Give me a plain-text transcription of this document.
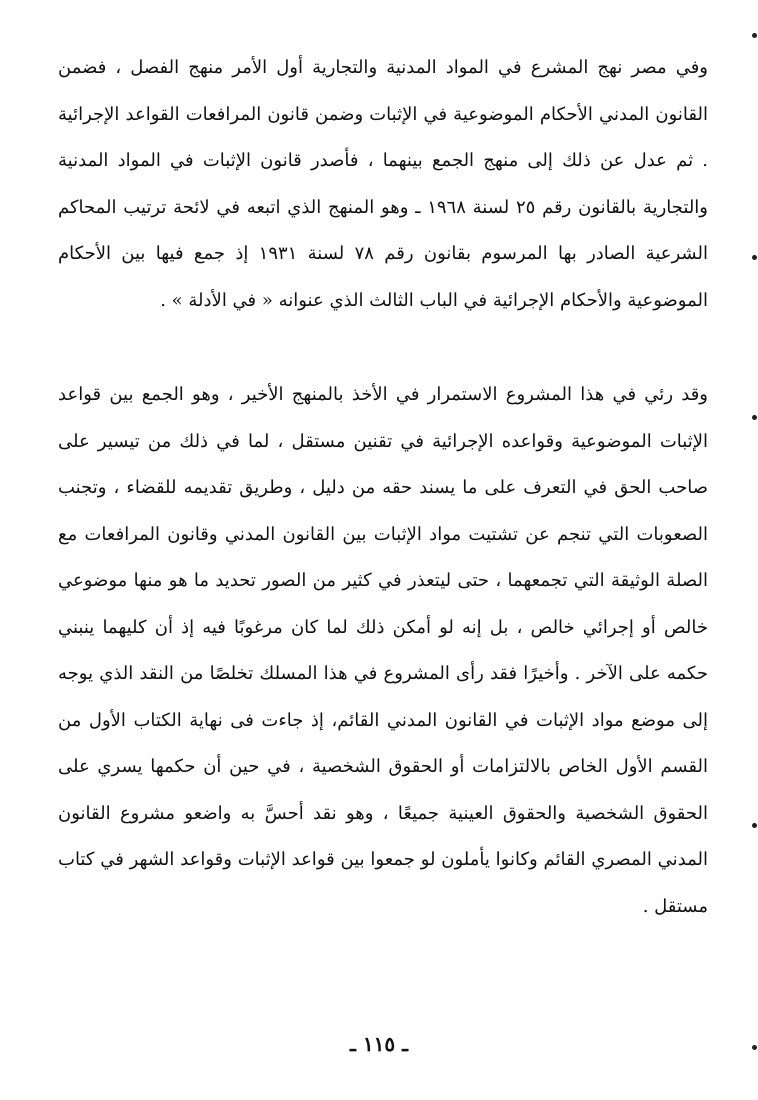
وفي مصر نهج المشرع في المواد المدنية والتجارية أول الأمر منهج الفصل ، فضمن القانون المدني الأحكام الموضوعية في الإثبات وضمن قانون المرافعات القواعد الإجرائية . ثم عدل عن ذلك إلى منهج الجمع بينهما ، فأصدر قانون الإثبات في المواد المدنية والتجارية بالقانون رقم ٢٥ لسنة ١٩٦٨ ـ وهو المنهج الذي اتبعه في لائحة ترتيب المحاكم الشرعية الصادر بها المرسوم بقانون رقم ٧٨ لسنة ١٩٣١ إذ جمع فيها بين الأحكام الموضوعية والأحكام الإجرائية في الباب الثالث الذي عنوانه « في الأدلة » .

وقد رئي في هذا المشروع الاستمرار في الأخذ بالمنهج الأخير ، وهو الجمع بين قواعد الإثبات الموضوعية وقواعده الإجرائية في تقنين مستقل ، لما في ذلك من تيسير على صاحب الحق في التعرف على ما يسند حقه من دليل ، وطريق تقديمه للقضاء ، وتجنب الصعوبات التي تنجم عن تشتيت مواد الإثبات بين القانون المدني وقانون المرافعات مع الصلة الوثيقة التي تجمعهما ، حتى ليتعذر في كثير من الصور تحديد ما هو منها موضوعي خالص أو إجرائي خالص ، بل إنه لو أمكن ذلك لما كان مرغوبًا فيه إذ أن كليهما ينبني حكمه على الآخر . وأخيرًا فقد رأى المشروع في هذا المسلك تخلصًا من النقد الذي يوجه إلى موضع مواد الإثبات في القانون المدني القائم، إذ جاءت فى نهاية الكتاب الأول من القسم الأول الخاص بالالتزامات أو الحقوق الشخصية ، في حين أن حكمها يسري على الحقوق الشخصية والحقوق العينية جميعًا ، وهو نقد أحسَّ به واضعو مشروع القانون المدني المصري القائم وكانوا يأملون لو جمعوا بين قواعد الإثبات وقواعد الشهر في كتاب مستقل .

ـ ١١٥ ـ
